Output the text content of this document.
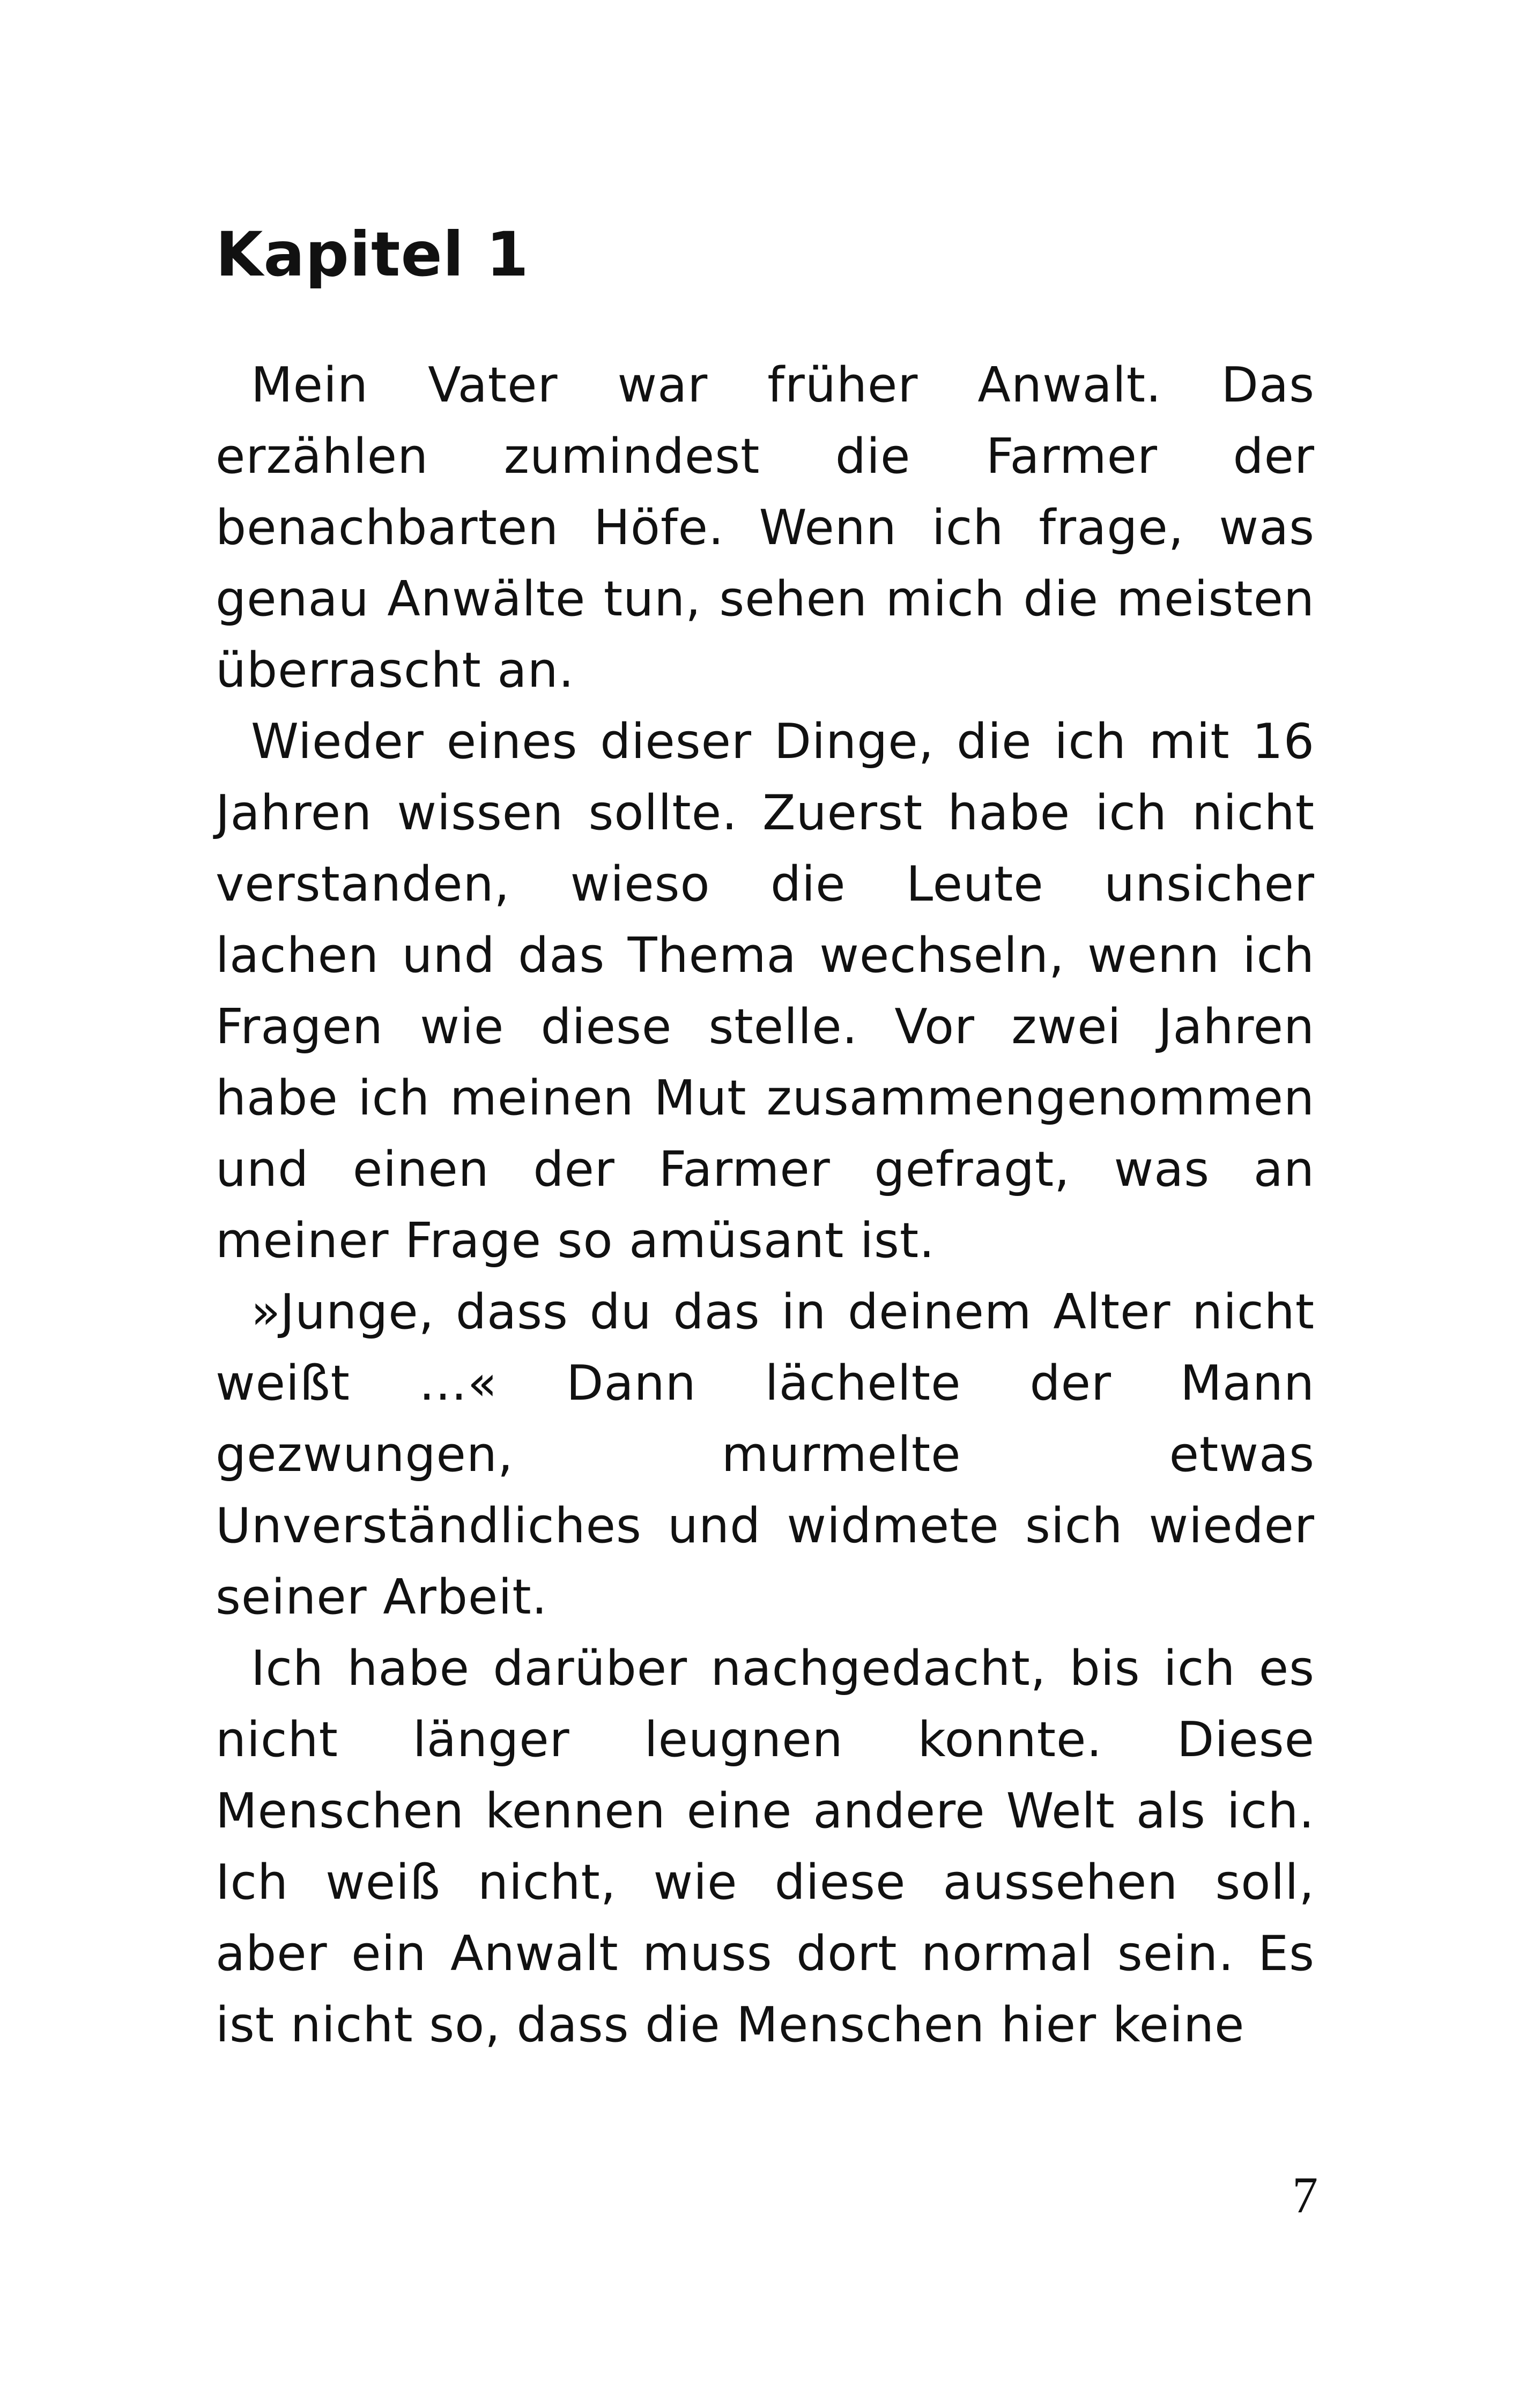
Kapitel 1

Mein Vater war früher Anwalt. Das erzählen zumindest die Farmer der benachbarten Höfe. Wenn ich frage, was genau Anwälte tun, sehen mich die meisten überrascht an.

Wieder eines dieser Dinge, die ich mit 16 Jahren wissen sollte. Zuerst habe ich nicht verstanden, wieso die Leute unsicher lachen und das Thema wechseln, wenn ich Fragen wie diese stelle. Vor zwei Jahren habe ich meinen Mut zusammengenommen und einen der Farmer gefragt, was an meiner Frage so amüsant ist.

»Junge, dass du das in deinem Alter nicht weißt …« Dann lächelte der Mann gezwungen, murmelte etwas Unverständliches und widmete sich wieder seiner Arbeit.

Ich habe darüber nachgedacht, bis ich es nicht länger leugnen konnte. Diese Menschen kennen eine andere Welt als ich. Ich weiß nicht, wie diese aussehen soll, aber ein Anwalt muss dort normal sein. Es ist nicht so, dass die Menschen hier keine

7
